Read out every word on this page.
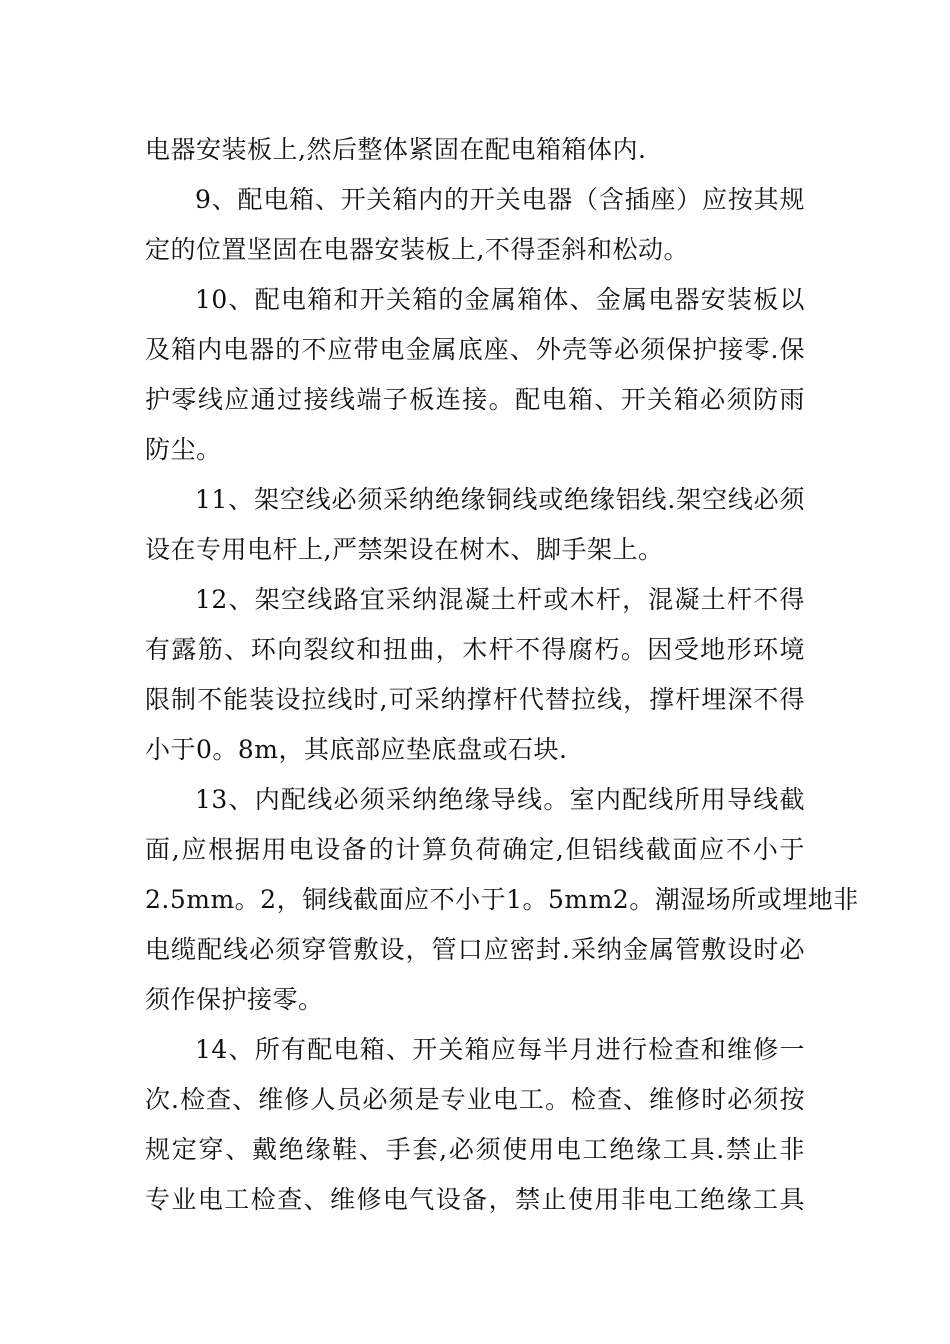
电器安装板上,然后整体紧固在配电箱箱体内.
9、配电箱、开关箱内的开关电器（含插座）应按其规
定的位置坚固在电器安装板上,不得歪斜和松动。
10、配电箱和开关箱的金属箱体、金属电器安装板以
及箱内电器的不应带电金属底座、外壳等必须保护接零.保
护零线应通过接线端子板连接。配电箱、开关箱必须防雨
防尘。
11、架空线必须采纳绝缘铜线或绝缘铝线.架空线必须
设在专用电杆上,严禁架设在树木、脚手架上。
12、架空线路宜采纳混凝土杆或木杆，混凝土杆不得
有露筋、环向裂纹和扭曲，木杆不得腐朽。因受地形环境
限制不能装设拉线时,可采纳撑杆代替拉线，撑杆埋深不得
小于0。8m，其底部应垫底盘或石块.
13、内配线必须采纳绝缘导线。室内配线所用导线截
面,应根据用电设备的计算负荷确定,但铝线截面应不小于
2.5mm。2，铜线截面应不小于1。5mm2。潮湿场所或埋地非
电缆配线必须穿管敷设，管口应密封.采纳金属管敷设时必
须作保护接零。
14、所有配电箱、开关箱应每半月进行检查和维修一
次.检查、维修人员必须是专业电工。检查、维修时必须按
规定穿、戴绝缘鞋、手套,必须使用电工绝缘工具.禁止非
专业电工检查、维修电气设备，禁止使用非电工绝缘工具
